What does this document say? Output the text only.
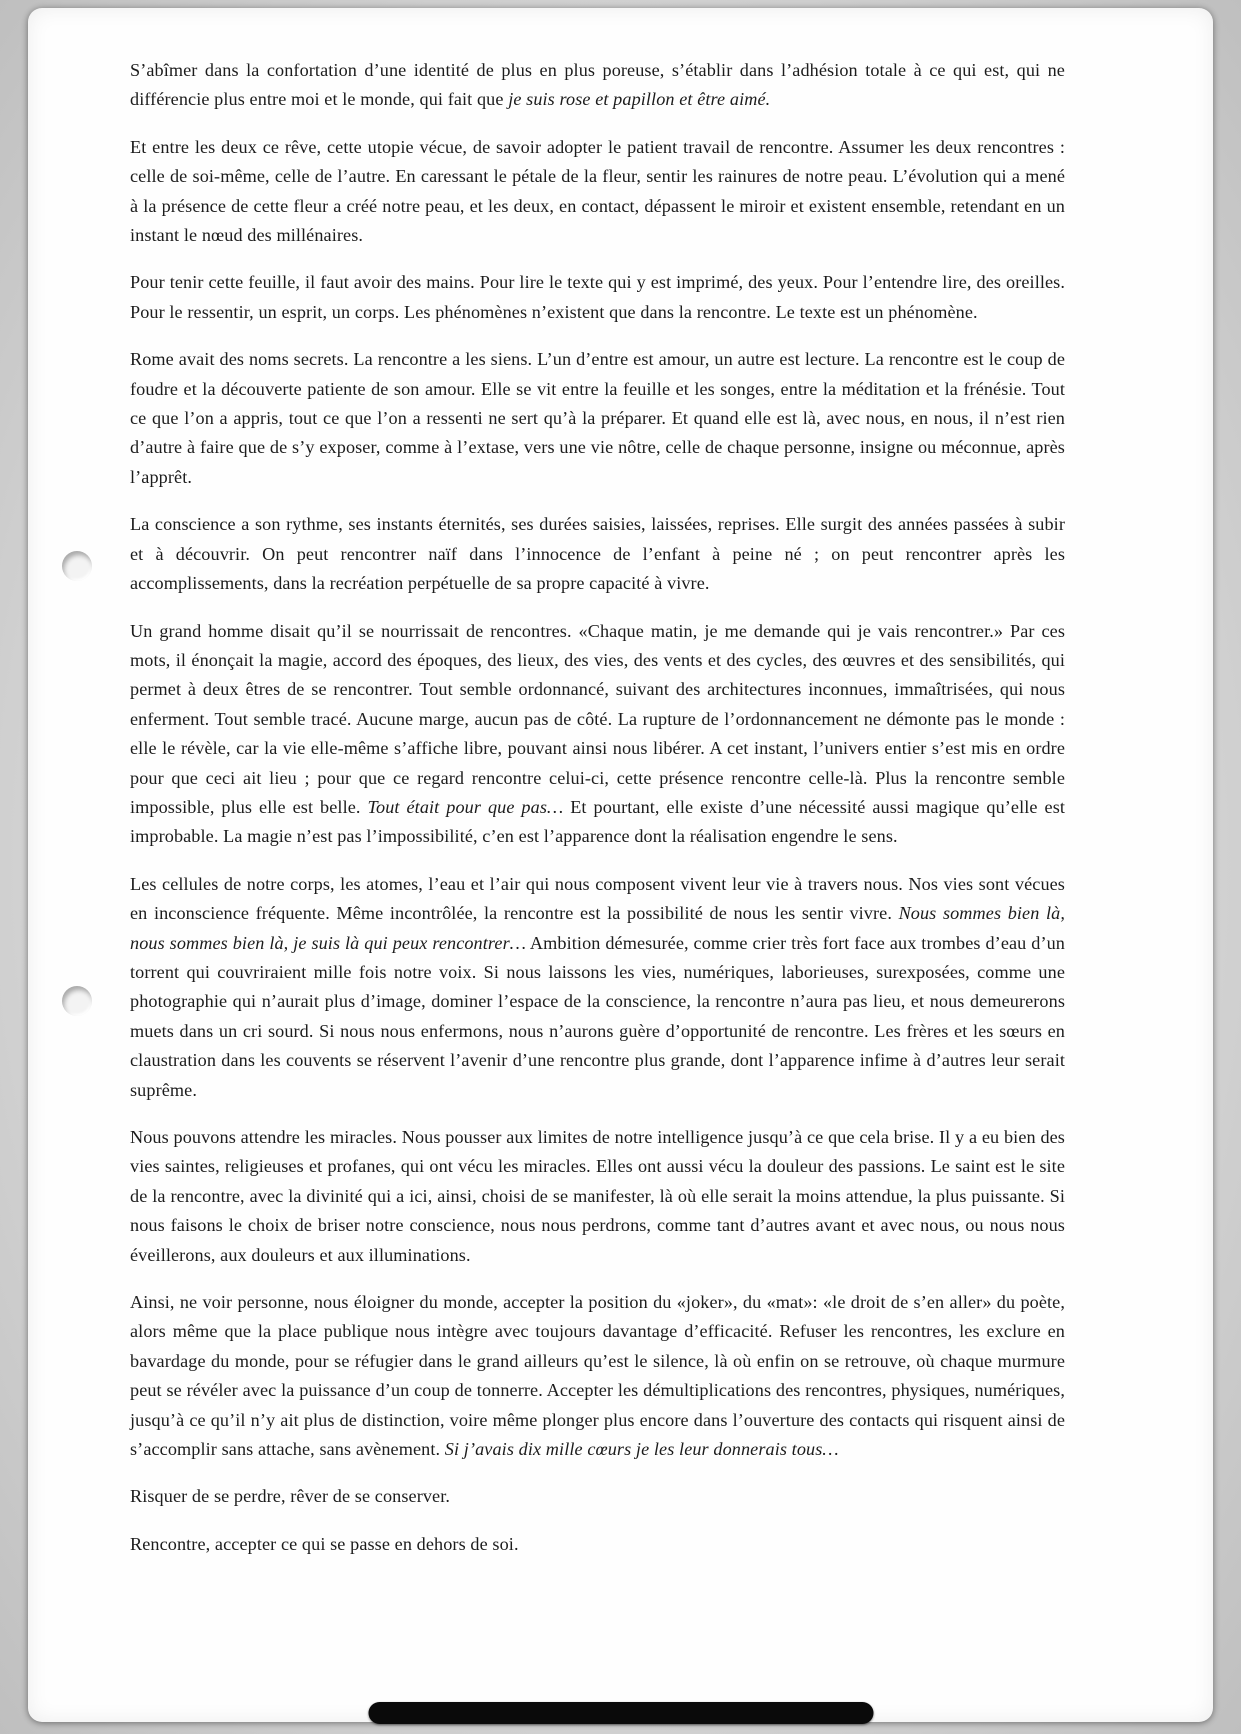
S’abîmer dans la confortation d’une identité de plus en plus poreuse, s’établir dans l’adhésion totale à ce qui est, qui ne différencie plus entre moi et le monde, qui fait que je suis rose et papillon et être aimé.

Et entre les deux ce rêve, cette utopie vécue, de savoir adopter le patient travail de rencontre. Assumer les deux rencontres : celle de soi-même, celle de l’autre. En caressant le pétale de la fleur, sentir les rainures de notre peau. L’évolution qui a mené à la présence de cette fleur a créé notre peau, et les deux, en contact, dépassent le miroir et existent ensemble, retendant en un instant le nœud des millénaires.

Pour tenir cette feuille, il faut avoir des mains. Pour lire le texte qui y est imprimé, des yeux. Pour l’entendre lire, des oreilles. Pour le ressentir, un esprit, un corps. Les phénomènes n’existent que dans la rencontre. Le texte est un phénomène.

Rome avait des noms secrets. La rencontre a les siens. L’un d’entre est amour, un autre est lecture. La rencontre est le coup de foudre et la découverte patiente de son amour. Elle se vit entre la feuille et les songes, entre la méditation et la frénésie. Tout ce que l’on a appris, tout ce que l’on a ressenti ne sert qu’à la préparer. Et quand elle est là, avec nous, en nous, il n’est rien d’autre à faire que de s’y exposer, comme à l’extase, vers une vie nôtre, celle de chaque personne, insigne ou méconnue, après l’apprêt.

La conscience a son rythme, ses instants éternités, ses durées saisies, laissées, reprises. Elle surgit des années passées à subir et à découvrir. On peut rencontrer naïf dans l’innocence de l’enfant à peine né ; on peut rencontrer après les accomplissements, dans la recréation perpétuelle de sa propre capacité à vivre.

Un grand homme disait qu’il se nourrissait de rencontres. «Chaque matin, je me demande qui je vais rencontrer.» Par ces mots, il énonçait la magie, accord des époques, des lieux, des vies, des vents et des cycles, des œuvres et des sensibilités, qui permet à deux êtres de se rencontrer. Tout semble ordonnancé, suivant des architectures inconnues, immaîtrisées, qui nous enferment. Tout semble tracé. Aucune marge, aucun pas de côté. La rupture de l’ordonnancement ne démonte pas le monde : elle le révèle, car la vie elle-même s’affiche libre, pouvant ainsi nous libérer. A cet instant, l’univers entier s’est mis en ordre pour que ceci ait lieu ; pour que ce regard rencontre celui-ci, cette présence rencontre celle-là. Plus la rencontre semble impossible, plus elle est belle. Tout était pour que pas… Et pourtant, elle existe d’une nécessité aussi magique qu’elle est improbable. La magie n’est pas l’impossibilité, c’en est l’apparence dont la réalisation engendre le sens.

Les cellules de notre corps, les atomes, l’eau et l’air qui nous composent vivent leur vie à travers nous. Nos vies sont vécues en inconscience fréquente. Même incontrôlée, la rencontre est la possibilité de nous les sentir vivre. Nous sommes bien là, nous sommes bien là, je suis là qui peux rencontrer… Ambition démesurée, comme crier très fort face aux trombes d’eau d’un torrent qui couvriraient mille fois notre voix. Si nous laissons les vies, numériques, laborieuses, surexposées, comme une photographie qui n’aurait plus d’image, dominer l’espace de la conscience, la rencontre n’aura pas lieu, et nous demeurerons muets dans un cri sourd. Si nous nous enfermons, nous n’aurons guère d’opportunité de rencontre. Les frères et les sœurs en claustration dans les couvents se réservent l’avenir d’une rencontre plus grande, dont l’apparence infime à d’autres leur serait suprême.

Nous pouvons attendre les miracles. Nous pousser aux limites de notre intelligence jusqu’à ce que cela brise. Il y a eu bien des vies saintes, religieuses et profanes, qui ont vécu les miracles. Elles ont aussi vécu la douleur des passions. Le saint est le site de la rencontre, avec la divinité qui a ici, ainsi, choisi de se manifester, là où elle serait la moins attendue, la plus puissante. Si nous faisons le choix de briser notre conscience, nous nous perdrons, comme tant d’autres avant et avec nous, ou nous nous éveillerons, aux douleurs et aux illuminations.

Ainsi, ne voir personne, nous éloigner du monde, accepter la position du «joker», du «mat»: «le droit de s’en aller» du poète, alors même que la place publique nous intègre avec toujours davantage d’efficacité. Refuser les rencontres, les exclure en bavardage du monde, pour se réfugier dans le grand ailleurs qu’est le silence, là où enfin on se retrouve, où chaque murmure peut se révéler avec la puissance d’un coup de tonnerre. Accepter les démultiplications des rencontres, physiques, numériques, jusqu’à ce qu’il n’y ait plus de distinction, voire même plonger plus encore dans l’ouverture des contacts qui risquent ainsi de s’accomplir sans attache, sans avènement. Si j’avais dix mille cœurs je les leur donnerais tous…

Risquer de se perdre, rêver de se conserver.

Rencontre, accepter ce qui se passe en dehors de soi.
